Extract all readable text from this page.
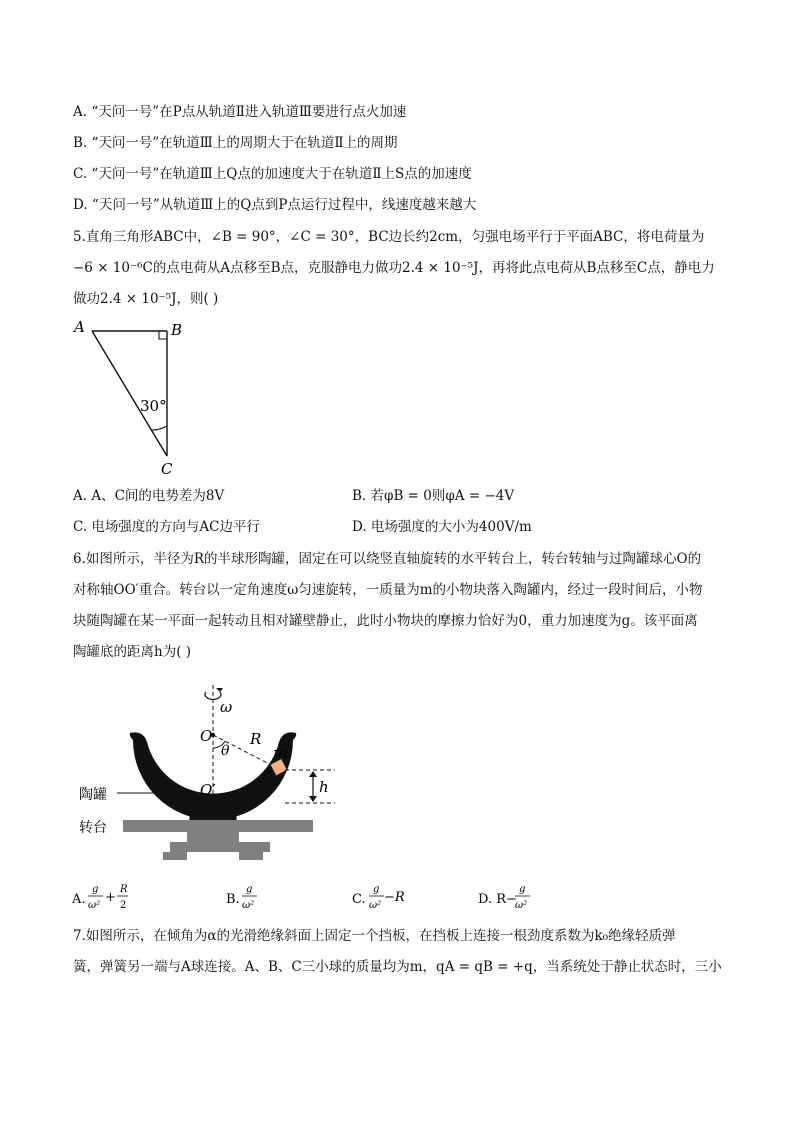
A. “天问一号”在P点从轨道Ⅱ进入轨道Ⅲ要进行点火加速
B. “天问一号”在轨道Ⅲ上的周期大于在轨道Ⅱ上的周期
C. “天问一号”在轨道Ⅲ上Q点的加速度大于在轨道Ⅱ上S点的加速度
D. “天问一号”从轨道Ⅲ上的Q点到P点运行过程中，线速度越来越大
5.直角三角形ABC中，∠B = 90°，∠C = 30°，BC边长约2cm，匀强电场平行于平面ABC，将电荷量为
−6 × 10⁻⁶C的点电荷从A点移至B点，克服静电力做功2.4 × 10⁻⁵J，再将此点电荷从B点移至C点，静电力
做功2.4 × 10⁻⁵J，则( )
A	B
C
30°
A. A、C间的电势差为8V	B. 若φB = 0则φA = −4V
C. 电场强度的方向与AC边平行	D. 电场强度的大小为400V/m
6.如图所示，半径为R的半球形陶罐，固定在可以绕竖直轴旋转的水平转台上，转台转轴与过陶罐球心O的
对称轴OO′重合。转台以一定角速度ω匀速旋转，一质量为m的小物块落入陶罐内，经过一段时间后，小物
块随陶罐在某一平面一起转动且相对罐壁静止，此时小物块的摩擦力恰好为0，重力加速度为g。该平面离
陶罐底的距离h为( )
ω
O
θ
R
m
h
O′
陶罐
转台
A.
g
ω²
+
R
2	B.
g
ω²	C.
g
ω²
−R	D. R−
g
ω²
7.如图所示，在倾角为α的光滑绝缘斜面上固定一个挡板，在挡板上连接一根劲度系数为k₀绝缘轻质弹
簧，弹簧另一端与A球连接。A、B、C三小球的质量均为m，qA = qB = +q，当系统处于静止状态时，三小
